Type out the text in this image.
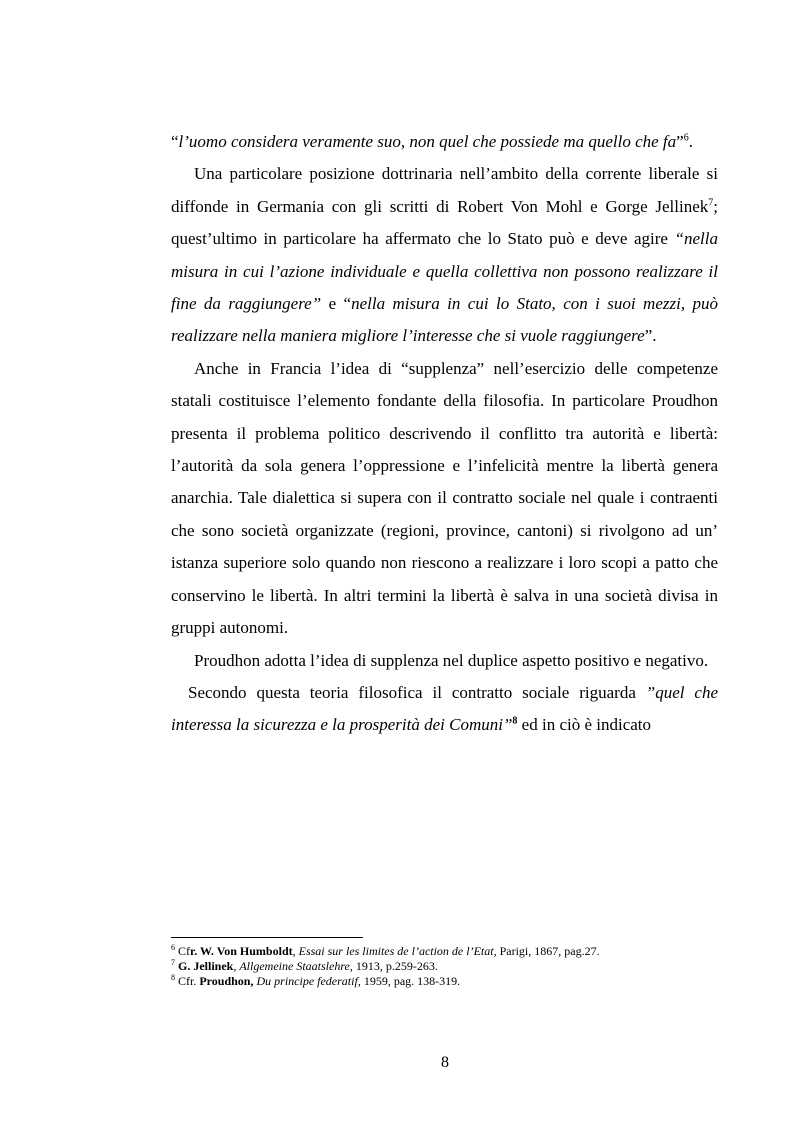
“l’uomo considera veramente suo, non quel che possiede ma quello che fa”$^6$.

Una particolare posizione dottrinaria nell’ambito della corrente liberale si diffonde in Germania con gli scritti di Robert Von Mohl e Gorge Jellinek$^7$; quest’ultimo in particolare ha affermato che lo Stato può e deve agire “nella misura in cui l’azione individuale e quella collettiva non possono realizzare il fine da raggiungere” e “nella misura in cui lo Stato, con i suoi mezzi, può realizzare nella maniera migliore l’interesse che si vuole raggiungere”.

Anche in Francia l’idea di “supplenza” nell’esercizio delle competenze statali costituisce l’elemento fondante della filosofia. In particolare Proudhon presenta il problema politico descrivendo il conflitto tra autorità e libertà: l’autorità da sola genera l’oppressione e l’infelicità mentre la libertà genera anarchia. Tale dialettica si supera con il contratto sociale nel quale i contraenti che sono società organizzate (regioni, province, cantoni) si rivolgono ad un’ istanza superiore solo quando non riescono a realizzare i loro scopi a patto che conservino le libertà. In altri termini la libertà è salva in una società divisa in gruppi autonomi.

Proudhon adotta l’idea di supplenza nel duplice aspetto positivo e negativo.

Secondo questa teoria filosofica il contratto sociale riguarda ”quel che interessa la sicurezza e la prosperità dei Comuni”$^8$ ed in ciò è indicato

$^6$ Cfr. W. Von Humboldt, Essai sur les limites de l’action de l’Etat, Parigi, 1867, pag.27.

$^7$ G. Jellinek, Allgemeine Staatslehre, 1913, p.259-263.

$^8$ Cfr. Proudhon, Du principe federatif, 1959, pag. 138-319.

8
